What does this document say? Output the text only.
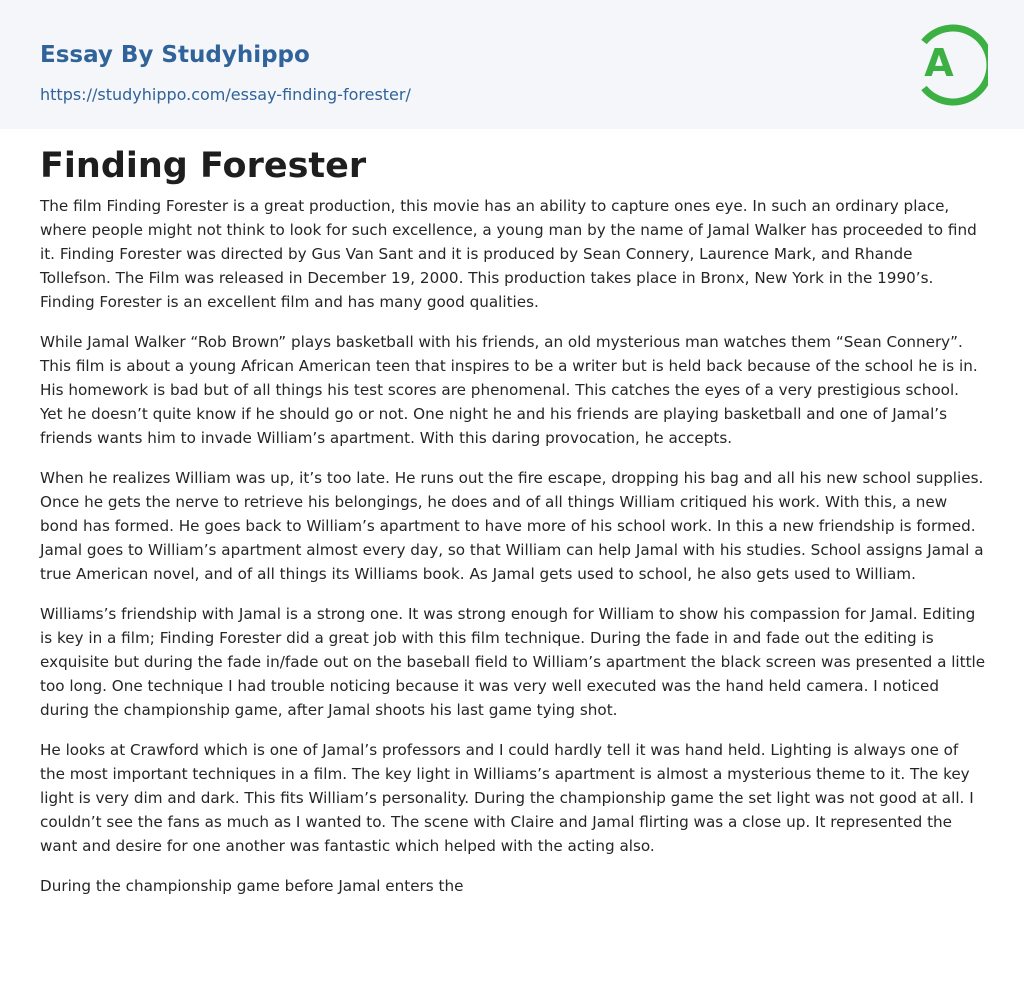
Essay By Studyhippo
https://studyhippo.com/essay-finding-forester/
A
Finding Forester

The film Finding Forester is a great production, this movie has an ability to capture ones eye. In such an ordinary place, where people might not think to look for such excellence, a young man by the name of Jamal Walker has proceeded to find it. Finding Forester was directed by Gus Van Sant and it is produced by Sean Connery, Laurence Mark, and Rhande Tollefson. The Film was released in December 19, 2000. This production takes place in Bronx, New York in the 1990’s. Finding Forester is an excellent film and has many good qualities.

While Jamal Walker “Rob Brown” plays basketball with his friends, an old mysterious man watches them “Sean Connery”. This film is about a young African American teen that inspires to be a writer but is held back because of the school he is in. His homework is bad but of all things his test scores are phenomenal. This catches the eyes of a very prestigious school. Yet he doesn’t quite know if he should go or not. One night he and his friends are playing basketball and one of Jamal’s friends wants him to invade William’s apartment. With this daring provocation, he accepts.

When he realizes William was up, it’s too late. He runs out the fire escape, dropping his bag and all his new school supplies. Once he gets the nerve to retrieve his belongings, he does and of all things William critiqued his work. With this, a new bond has formed. He goes back to William’s apartment to have more of his school work. In this a new friendship is formed. Jamal goes to William’s apartment almost every day, so that William can help Jamal with his studies. School assigns Jamal a true American novel, and of all things its Williams book. As Jamal gets used to school, he also gets used to William.

Williams’s friendship with Jamal is a strong one. It was strong enough for William to show his compassion for Jamal. Editing is key in a film; Finding Forester did a great job with this film technique. During the fade in and fade out the editing is exquisite but during the fade in/fade out on the baseball field to William’s apartment the black screen was presented a little too long. One technique I had trouble noticing because it was very well executed was the hand held camera. I noticed during the championship game, after Jamal shoots his last game tying shot.

He looks at Crawford which is one of Jamal’s professors and I could hardly tell it was hand held. Lighting is always one of the most important techniques in a film. The key light in Williams’s apartment is almost a mysterious theme to it. The key light is very dim and dark. This fits William’s personality. During the championship game the set light was not good at all. I couldn’t see the fans as much as I wanted to. The scene with Claire and Jamal flirting was a close up. It represented the want and desire for one another was fantastic which helped with the acting also.

During the championship game before Jamal enters the
